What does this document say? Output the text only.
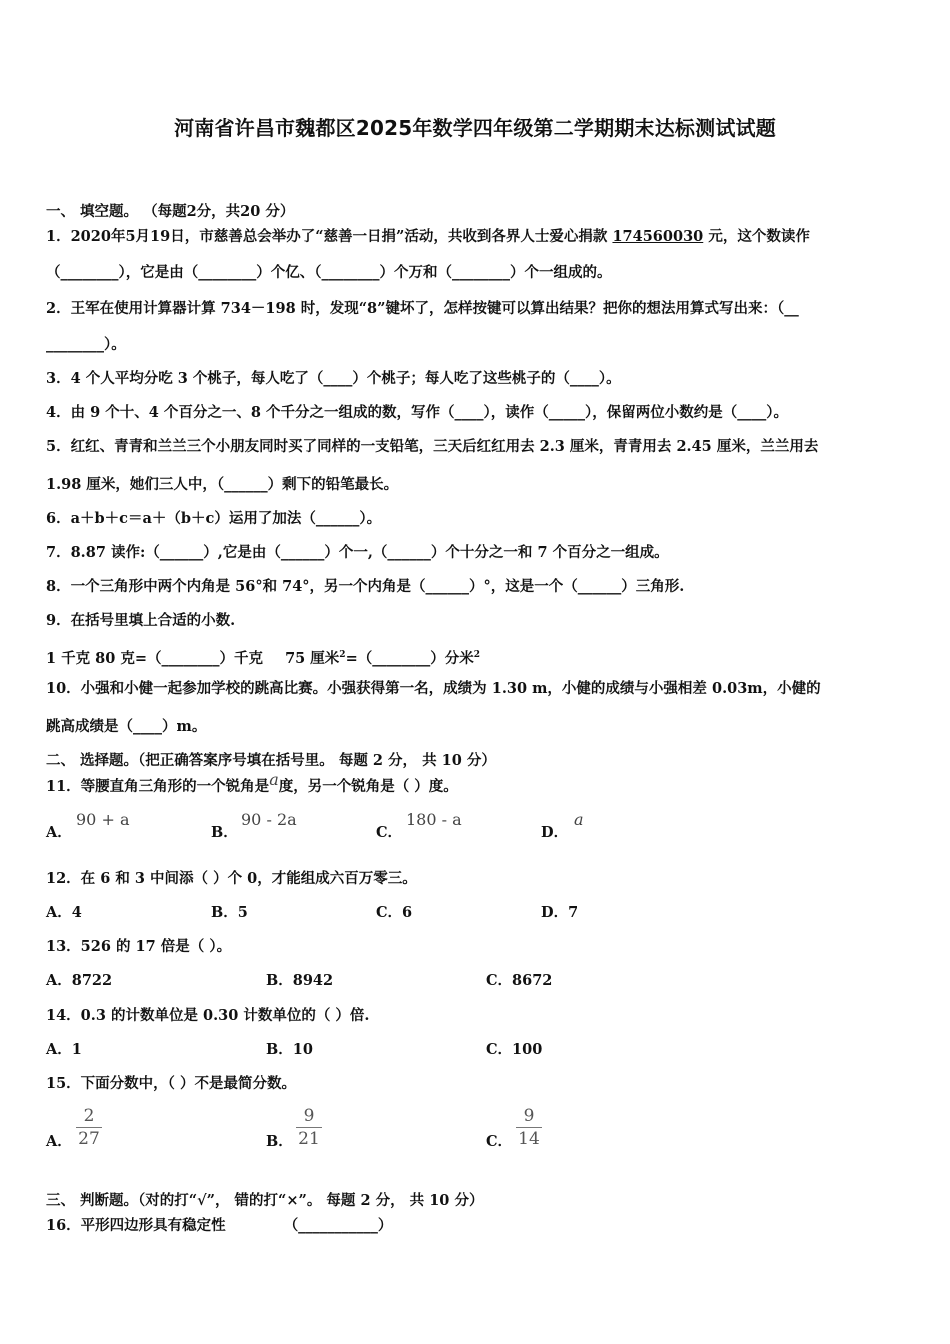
河南省许昌市魏都区2025年数学四年级第二学期期末达标测试试题
一、 填空题。 （每题2分，共20 分）
1．2020年5月19日，市慈善总会举办了“慈善一日捐”活动，共收到各界人士爱心捐款 174560030 元，这个数读作
（________），它是由（________）个亿、（________）个万和（________）个一组成的。
2．王军在使用计算器计算 734－198 时，发现“8”键坏了，怎样按键可以算出结果？把你的想法用算式写出来：（__
________）。
3．4 个人平均分吃 3 个桃子，每人吃了（____）个桃子；每人吃了这些桃子的（____）。
4．由 9 个十、4 个百分之一、8 个千分之一组成的数，写作（____），读作（_____），保留两位小数约是（____）。
5．红红、青青和兰兰三个小朋友同时买了同样的一支铅笔，三天后红红用去 2.3 厘米，青青用去 2.45 厘米，兰兰用去
1.98 厘米，她们三人中，（______）剩下的铅笔最长。
6．a＋b＋c＝a＋（b＋c）运用了加法（______）。
7．8.87 读作:（______）,它是由（______）个一,（______）个十分之一和 7 个百分之一组成。
8．一个三角形中两个内角是 56°和 74°，另一个内角是（______）°，这是一个（______）三角形.
9．在括号里填上合适的小数.
1 千克 80 克=（________）千克 75 厘米$^2$=（________）分米$^2$
10．小强和小健一起参加学校的跳高比赛。小强获得第一名，成绩为 1.30 m，小健的成绩与小强相差 0.03m，小健的
跳高成绩是（____）m。
二、 选择题。（把正确答案序号填在括号里。 每题 2 分， 共 10 分）
11．等腰直角三角形的一个锐角是a度，另一个锐角是（ ）度。
A．
90 + a
B．
90 - 2a
C．
180 - a
D．
a
12．在 6 和 3 中间添（ ）个 0，才能组成六百万零三。
A．4	B．5	C．6	D．7
13．526 的 17 倍是（ ）。
A．8722	B．8942	C．8672
14．0.3 的计数单位是 0.30 计数单位的（ ）倍.
A．1	B．10	C．100
15．下面分数中，（ ）不是最简分数。
A．
2
27	B．
9
21	C．
9
14
三、 判断题。（对的打“√”， 错的打“×”。 每题 2 分， 共 10 分）
16．平形四边形具有稳定性	（___________）
